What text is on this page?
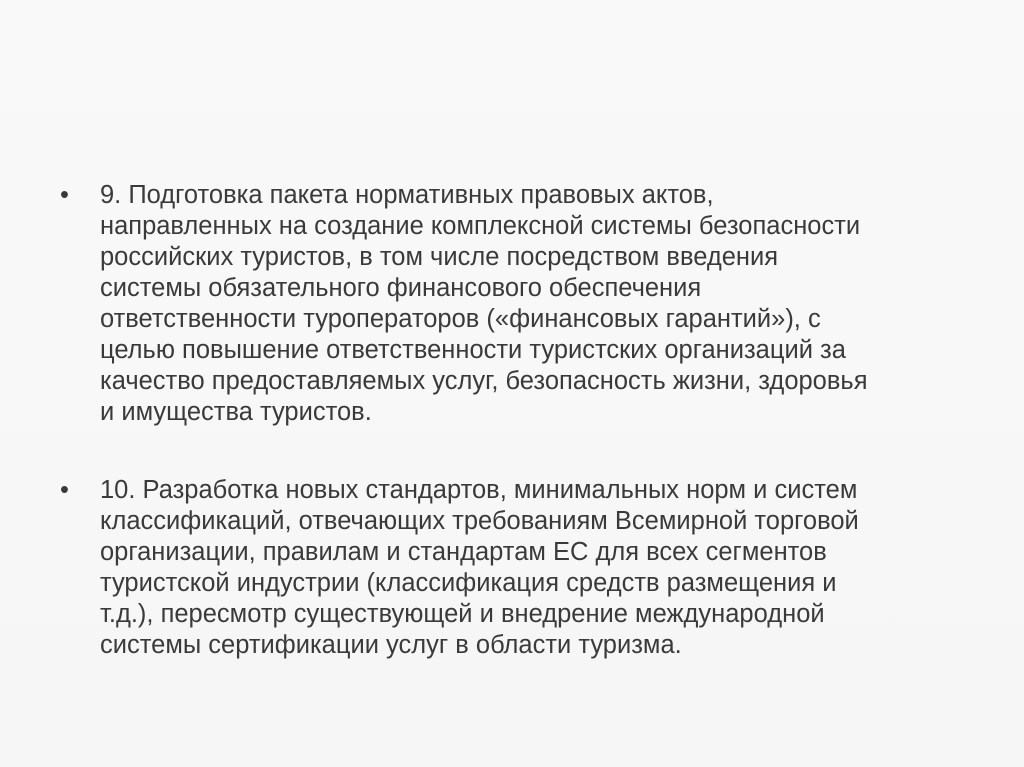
•	9. Подготовка пакета нормативных правовых актов,
направленных на создание комплексной системы безопасности
российских туристов, в том числе посредством введения
системы обязательного финансового обеспечения
ответственности туроператоров («финансовых гарантий»), с
целью повышение ответственности туристских организаций за
качество предоставляемых услуг, безопасность жизни, здоровья
и имущества туристов.
•	10. Разработка новых стандартов, минимальных норм и систем
классификаций, отвечающих требованиям Всемирной торговой
организации, правилам и стандартам ЕС для всех сегментов
туристской индустрии (классификация средств размещения и
т.д.), пересмотр существующей и внедрение международной
системы сертификации услуг в области туризма.
